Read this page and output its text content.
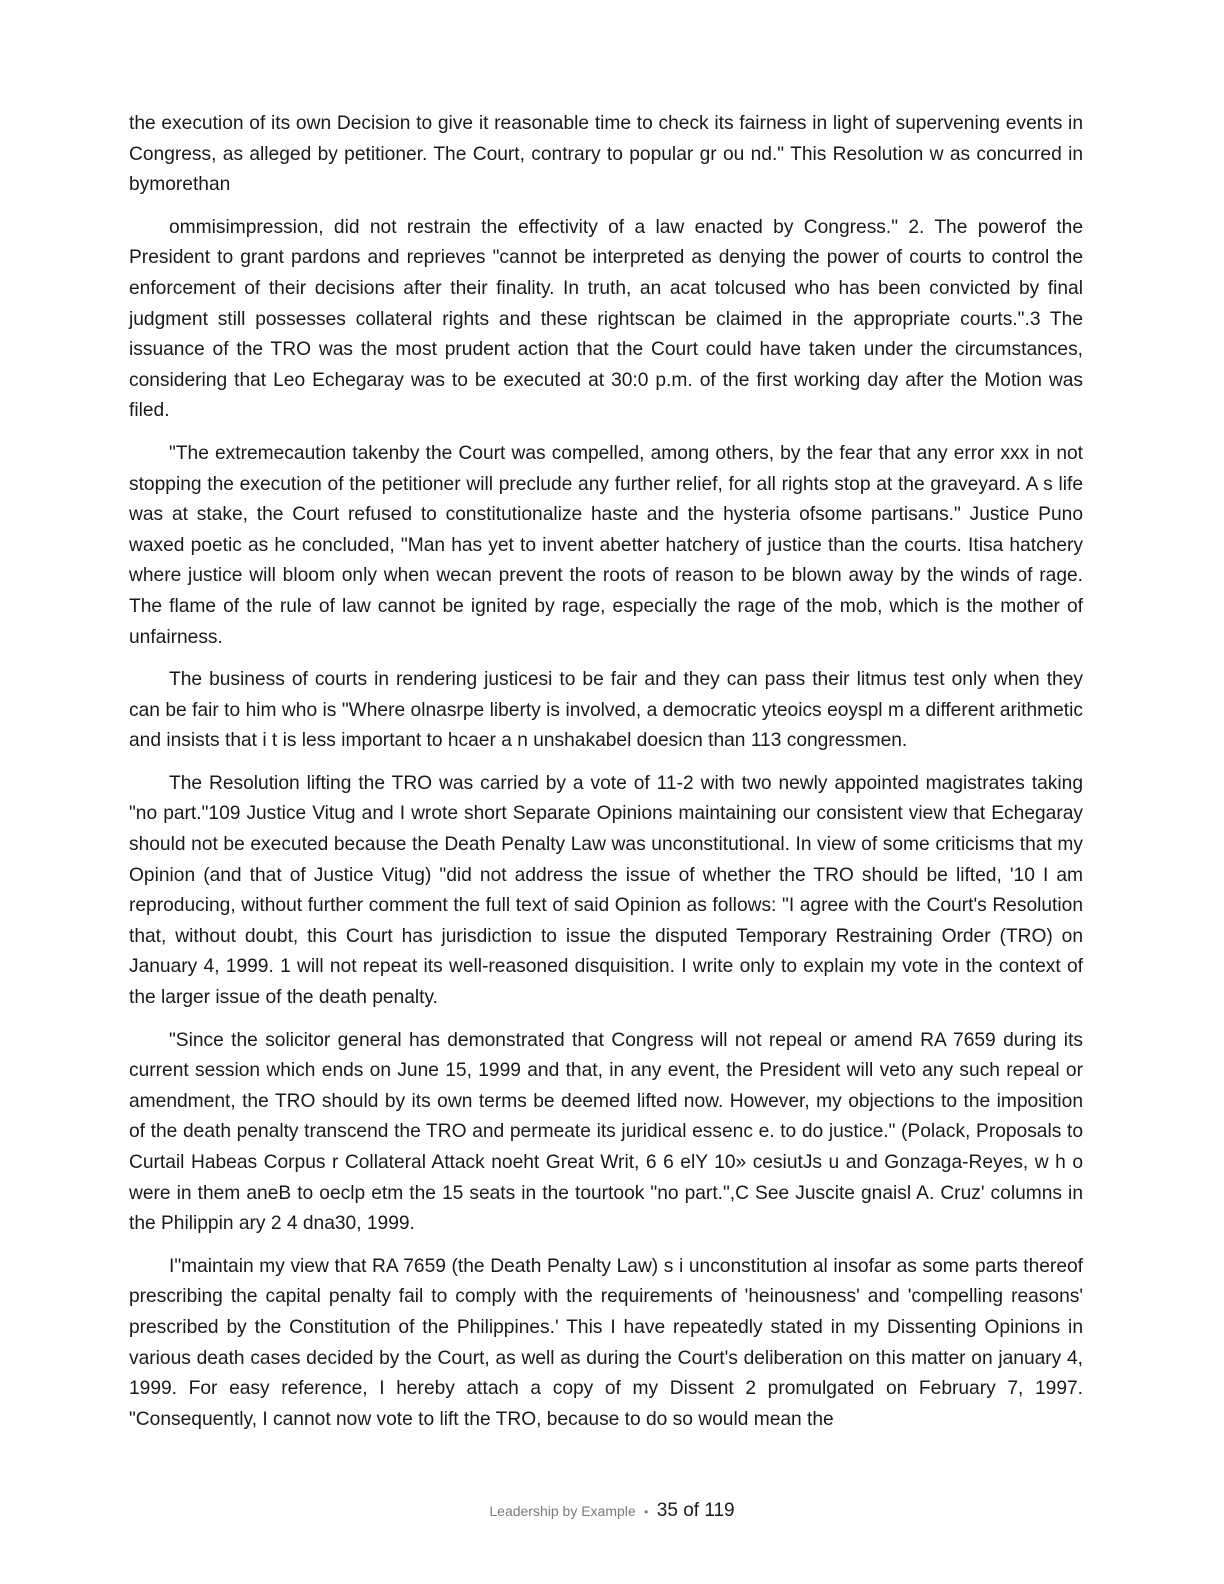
the execution of its own Decision to give it reasonable time to check its fairness in light of supervening events in Congress, as alleged by petitioner. The Court, contrary to popular gr ou nd." This Resolution w as concurred in bymorethan

ommisimpression, did not restrain the effectivity of a law enacted by Congress." 2. The powerof the President to grant pardons and reprieves "cannot be interpreted as denying the power of courts to control the enforcement of their decisions after their finality. In truth, an acat tolcused who has been convicted by final judgment still possesses collateral rights and these rightscan be claimed in the appropriate courts.".3 The issuance of the TRO was the most prudent action that the Court could have taken under the circumstances, considering that Leo Echegaray was to be executed at 30:0 p.m. of the first working day after the Motion was filed.

"The extremecaution takenby the Court was compelled, among others, by the fear that any error xxx in not stopping the execution of the petitioner will preclude any further relief, for all rights stop at the graveyard. A s life was at stake, the Court refused to constitutionalize haste and the hysteria ofsome partisans." Justice Puno waxed poetic as he concluded, "Man has yet to invent abetter hatchery of justice than the courts. Itisa hatchery where justice will bloom only when wecan prevent the roots of reason to be blown away by the winds of rage. The flame of the rule of law cannot be ignited by rage, especially the rage of the mob, which is the mother of unfairness.

The business of courts in rendering justicesi to be fair and they can pass their litmus test only when they can be fair to him who is "Where olnasrpe liberty is involved, a democratic yteoics eoyspl m a different arithmetic and insists that i t is less important to hcaer a n unshakabel doesicn than 113 congressmen.

The Resolution lifting the TRO was carried by a vote of 11-2 with two newly appointed magistrates taking "no part."109 Justice Vitug and I wrote short Separate Opinions maintaining our consistent view that Echegaray should not be executed because the Death Penalty Law was unconstitutional. In view of some criticisms that my Opinion (and that of Justice Vitug) "did not address the issue of whether the TRO should be lifted, '10 I am reproducing, without further comment the full text of said Opinion as follows: "I agree with the Court's Resolution that, without doubt, this Court has jurisdiction to issue the disputed Temporary Restraining Order (TRO) on January 4, 1999. 1 will not repeat its well-reasoned disquisition. I write only to explain my vote in the context of the larger issue of the death penalty.

"Since the solicitor general has demonstrated that Congress will not repeal or amend RA 7659 during its current session which ends on June 15, 1999 and that, in any event, the President will veto any such repeal or amendment, the TRO should by its own terms be deemed lifted now. However, my objections to the imposition of the death penalty transcend the TRO and permeate its juridical essenc e. to do justice." (Polack, Proposals to Curtail Habeas Corpus r Collateral Attack noeht Great Writ, 6 6 elY 10» cesiutJs u and Gonzaga-Reyes, w h o were in them aneB to oeclp etm the 15 seats in the tourtook "no part.",C See Juscite gnaisl A. Cruz' columns in the Philippin ary 2 4 dna30, 1999.

I"maintain my view that RA 7659 (the Death Penalty Law) s i unconstitution al insofar as some parts thereof prescribing the capital penalty fail to comply with the requirements of 'heinousness' and 'compelling reasons' prescribed by the Constitution of the Philippines.' This I have repeatedly stated in my Dissenting Opinions in various death cases decided by the Court, as well as during the Court's deliberation on this matter on january 4, 1999. For easy reference, I hereby attach a copy of my Dissent 2 promulgated on February 7, 1997. "Consequently, I cannot now vote to lift the TRO, because to do so would mean the

Leadership by Example • 35 of 119
